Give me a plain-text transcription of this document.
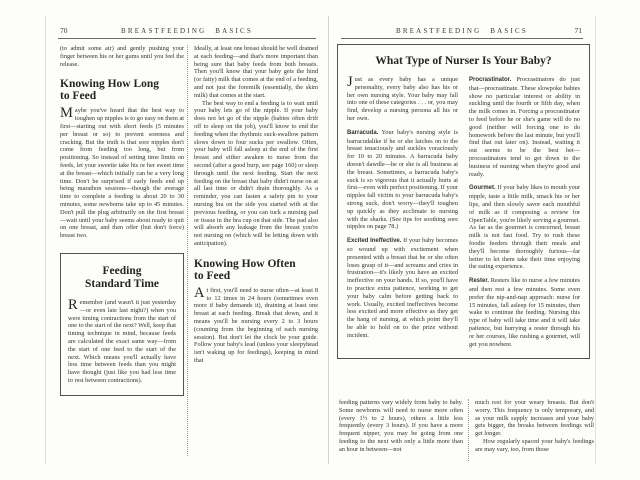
70	BREASTFEEDING BASICS

(to admit some air) and gently pushing your finger between his or her gums until you feel the release.

Knowing How Long to Feed

Maybe you've heard that the best way to toughen up nipples is to go easy on them at first—starting out with short feeds (5 minutes per breast or so) to prevent soreness and cracking. But the truth is that sore nipples don't come from feeding too long, but from positioning. So instead of setting time limits on feeds, let your sweetie take his or her sweet time at the breast—which initially can be a very long time. Don't be surprised if early feeds end up being marathon sessions—though the average time to complete a feeding is about 20 to 30 minutes, some newborns take up to 45 minutes. Don't pull the plug arbitrarily on the first breast—wait until your baby seems about ready to quit on one breast, and then offer (but don't force) breast two.

Feeding Standard Time

Remember (and wasn't it just yesterday—or even late last night?) when you were timing contractions from the start of one to the start of the next? Well, keep that timing technique in mind, because feeds are calculated the exact same way—from the start of one feed to the start of the next. Which means you'll actually have less time between feeds than you might have thought (just like you had less time to rest between contractions).

Ideally, at least one breast should be well drained at each feeding—and that's more important than being sure that baby feeds from both breasts. Then you'll know that your baby gets the hind (or fatty) milk that comes at the end of a feeding, and not just the foremilk (essentially, the skim milk) that comes at the start.

The best way to end a feeding is to wait until your baby lets go of the nipple. If your baby does not let go of the nipple (babies often drift off to sleep on the job), you'll know to end the feeding when the rhythmic suck-swallow pattern slows down to four sucks per swallow. Often, your baby will fall asleep at the end of the first breast and either awaken to nurse from the second (after a good burp, see page 160) or sleep through until the next feeding. Start the next feeding on the breast that baby didn't nurse on at all last time or didn't drain thoroughly. As a reminder, you can fasten a safety pin to your nursing bra on the side you started with at the previous feeding, or you can tuck a nursing pad or tissue in the bra cup on that side. The pad also will absorb any leakage from the breast you're not nursing on (which will be letting down with anticipation).

Knowing How Often to Feed

At first, you'll need to nurse often—at least 8 to 12 times in 24 hours (sometimes even more if baby demands it), draining at least one breast at each feeding. Break that down, and it means you'll be nursing every 2 to 3 hours (counting from the beginning of each nursing session). But don't let the clock be your guide. Follow your baby's lead (unless your sleepyhead isn't waking up for feedings), keeping in mind that

BREASTFEEDING BASICS	71
What Type of Nurser Is Your Baby?

Just as every baby has a unique personality, every baby also has his or her own nursing style. Your baby may fall into one of these categories . . . or, you may find, develop a nursing persona all his or her own.

Barracuda. Your baby's nursing style is barracudalike if he or she latches on to the breast tenaciously and suckles voraciously for 10 to 20 minutes. A barracuda baby doesn't dawdle—he or she is all business at the breast. Sometimes, a barracuda baby's suck is so vigorous that it actually hurts at first—even with perfect positioning. If your nipples fall victim to your barracuda baby's strong suck, don't worry—they'll toughen up quickly as they acclimate to nursing with the sharks. (See tips for soothing sore nipples on page 78.)

Excited Ineffective. If your baby becomes so wound up with excitement when presented with a breast that he or she often loses grasp of it—and screams and cries in frustration—it's likely you have an excited ineffective on your hands. If so, you'll have to practice extra patience, working to get your baby calm before getting back to work. Usually, excited ineffectives become less excited and more effective as they get the hang of nursing, at which point they'll be able to hold on to the prize without incident.

Procrastinator. Procrastinators do just that—procrastinate. These slowpoke babies show no particular interest or ability in suckling until the fourth or fifth day, when the milk comes in. Forcing a procrastinator to feed before he or she's game will do no good (neither will forcing one to do homework before the last minute, but you'll find that out later on). Instead, waiting it out seems to be the best bet—procrastinators tend to get down to the business of nursing when they're good and ready.

Gourmet. If your baby likes to mouth your nipple, taste a little milk, smack his or her lips, and then slowly savor each mouthful of milk as if composing a review for OpenTable, you're likely serving a gourmet. As far as the gourmet is concerned, breast milk is not fast food. Try to rush these foodie feeders through their meals and they'll become thoroughly furious—far better to let them take their time enjoying the eating experience.

Rester. Resters like to nurse a few minutes and then rest a few minutes. Some even prefer the nip-and-nap approach: nurse for 15 minutes, fall asleep for 15 minutes, then wake to continue the feeding. Nursing this type of baby will take time and it will take patience, but hurrying a rester through his or her courses, like rushing a gourmet, will get you nowhere.

feeding patterns vary widely from baby to baby. Some newborns will need to nurse more often (every 1½ to 2 hours), others a little less frequently (every 3 hours). If you have a more frequent nipper, you may be going from one feeding to the next with only a little more than an hour in between—not

much rest for your weary breasts. But don't worry. This frequency is only temporary, and as your milk supply increases and your baby gets bigger, the breaks between feedings will get longer.

How regularly spaced your baby's feedings are may vary, too, from those
